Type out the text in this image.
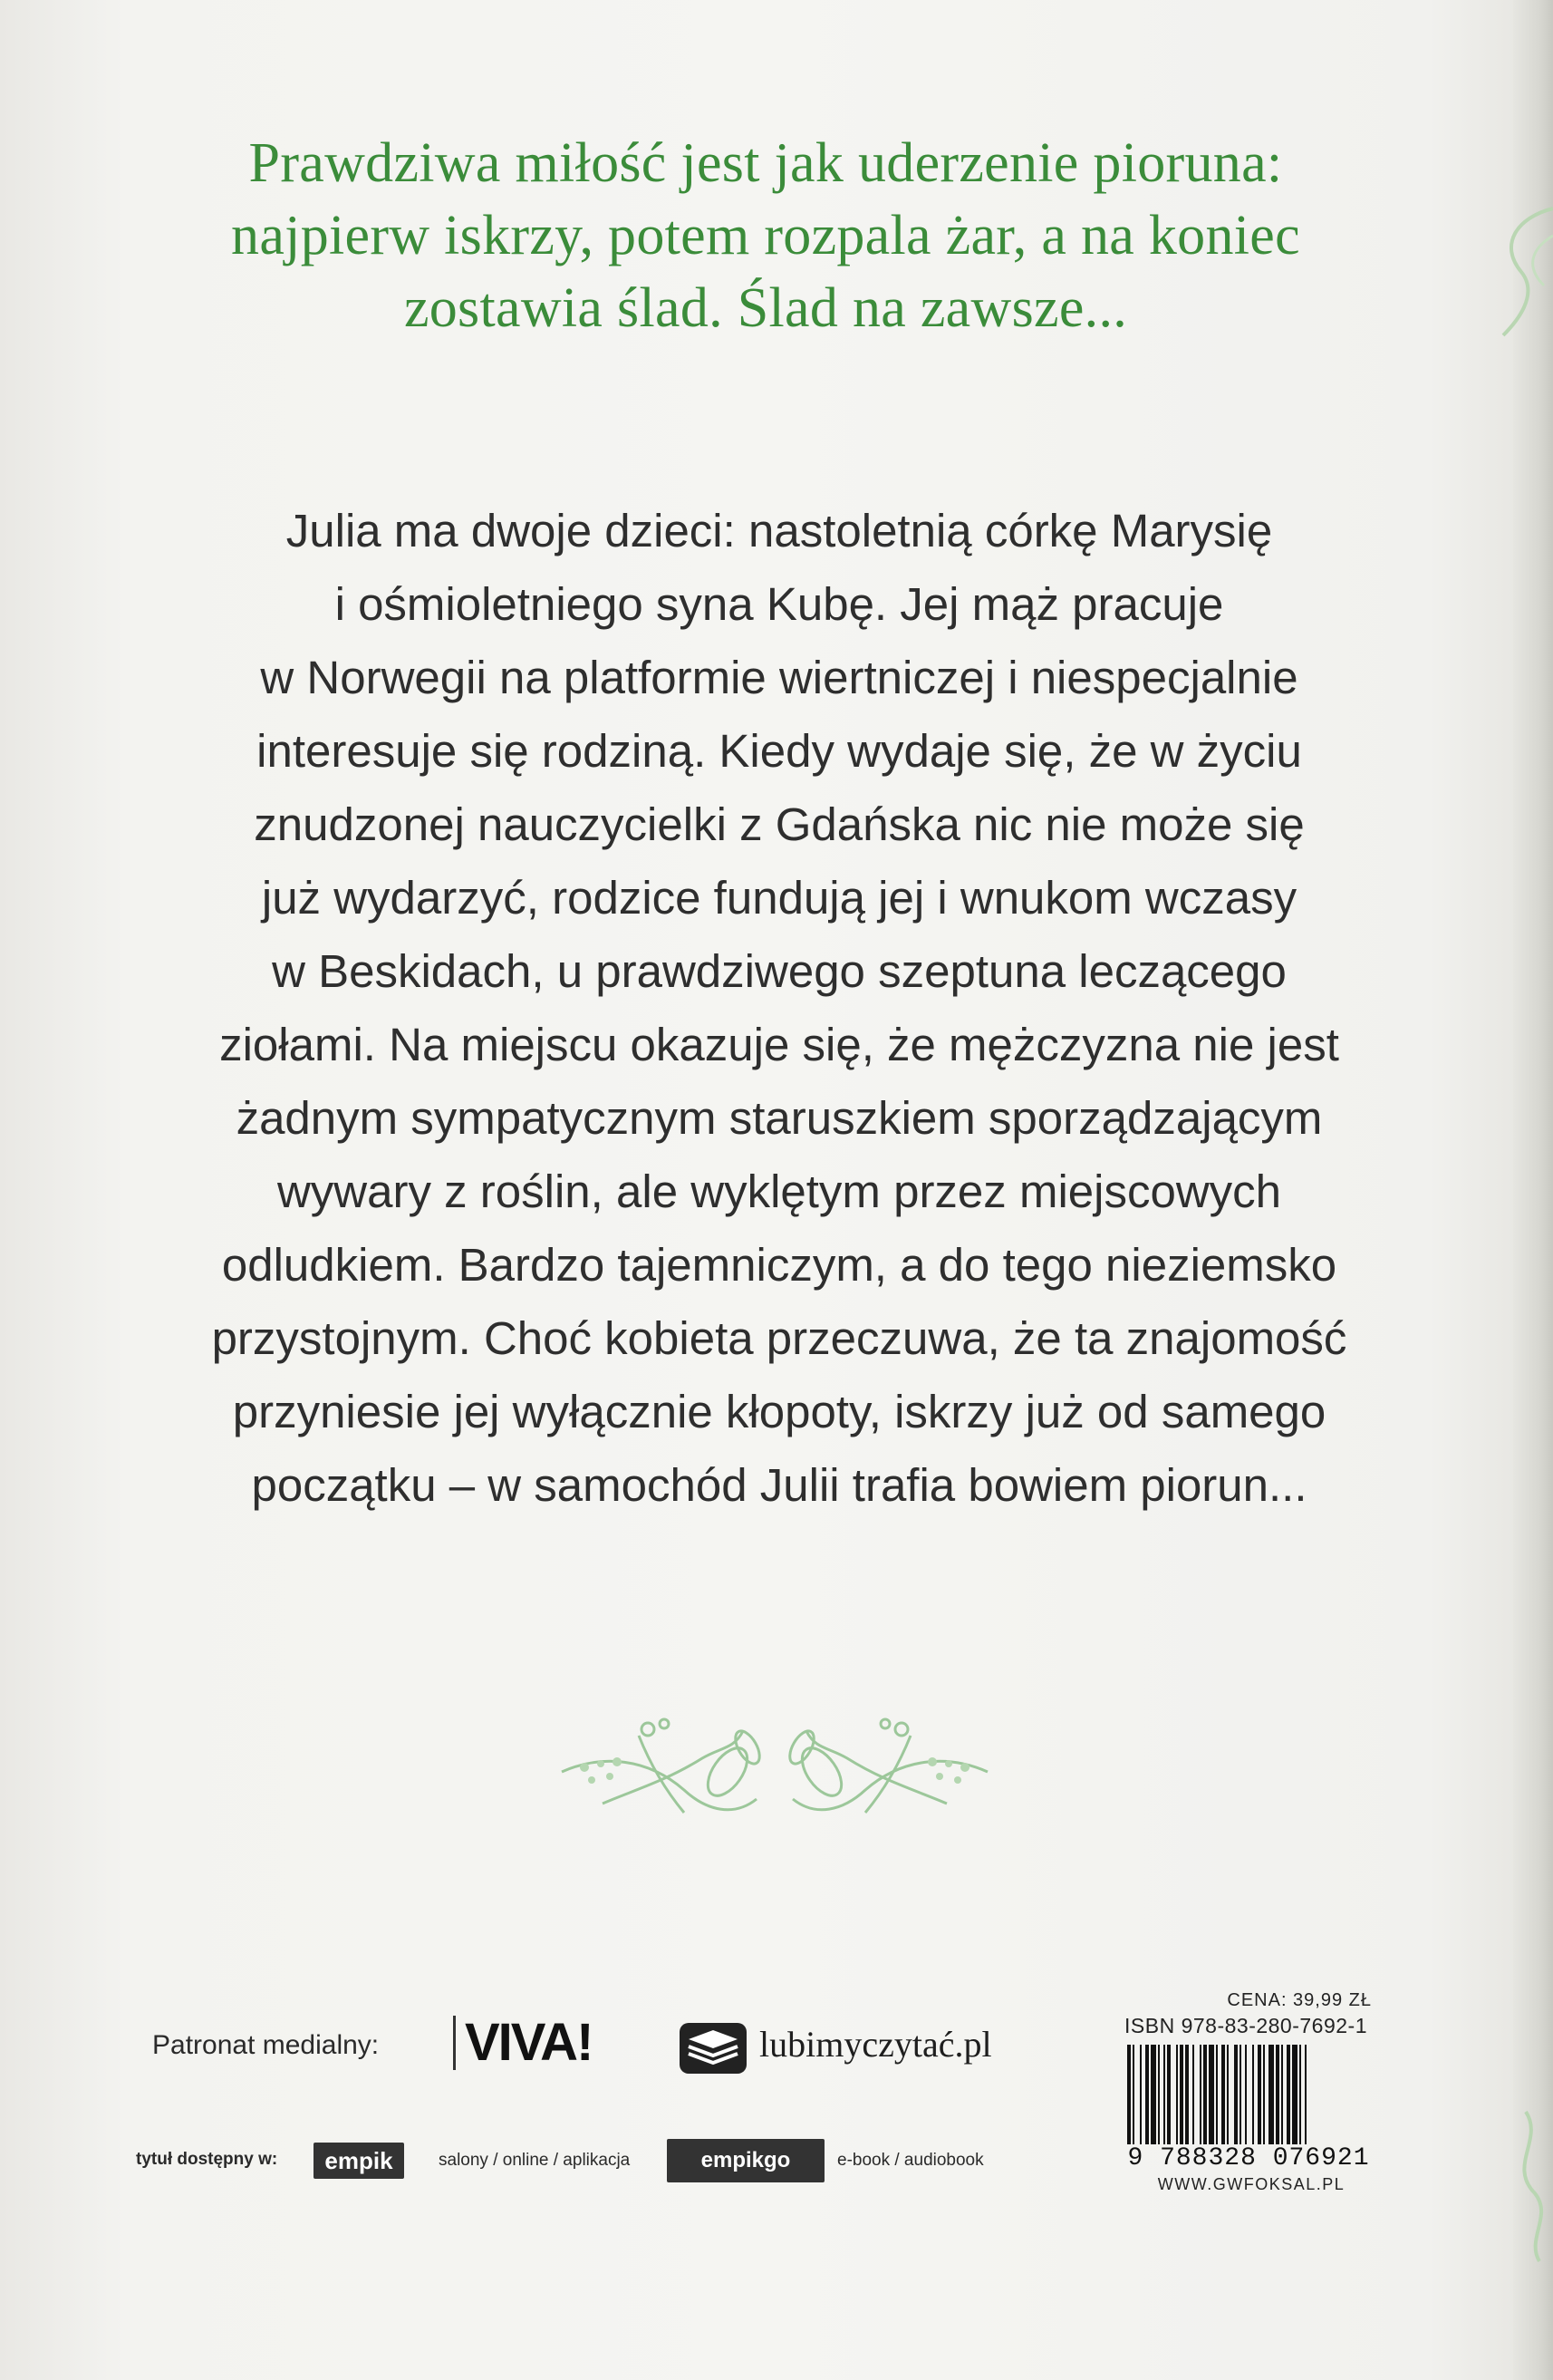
Prawdziwa miłość jest jak uderzenie pioruna:
najpierw iskrzy, potem rozpala żar, a na koniec
zostawia ślad. Ślad na zawsze...
Julia ma dwoje dzieci: nastoletnią córkę Marysię
i ośmioletniego syna Kubę. Jej mąż pracuje
w Norwegii na platformie wiertniczej i niespecjalnie
interesuje się rodziną. Kiedy wydaje się, że w życiu
znudzonej nauczycielki z Gdańska nic nie może się
już wydarzyć, rodzice fundują jej i wnukom wczasy
w Beskidach, u prawdziwego szeptuna leczącego
ziołami. Na miejscu okazuje się, że mężczyzna nie jest
żadnym sympatycznym staruszkiem sporządzającym
wywary z roślin, ale wyklętym przez miejscowych
odludkiem. Bardzo tajemniczym, a do tego nieziemsko
przystojnym. Choć kobieta przeczuwa, że ta znajomość
przyniesie jej wyłącznie kłopoty, iskrzy już od samego
początku – w samochód Julii trafia bowiem piorun...
Patronat medialny: VIVA!	lubimyczytać.pl
tytuł dostępny w:	empik	salony / online / aplikacja	empikgo	e-book / audiobook
CENA: 39,99 ZŁ
ISBN 978-83-280-7692-1
9 788328 076921
WWW.GWFOKSAL.PL
